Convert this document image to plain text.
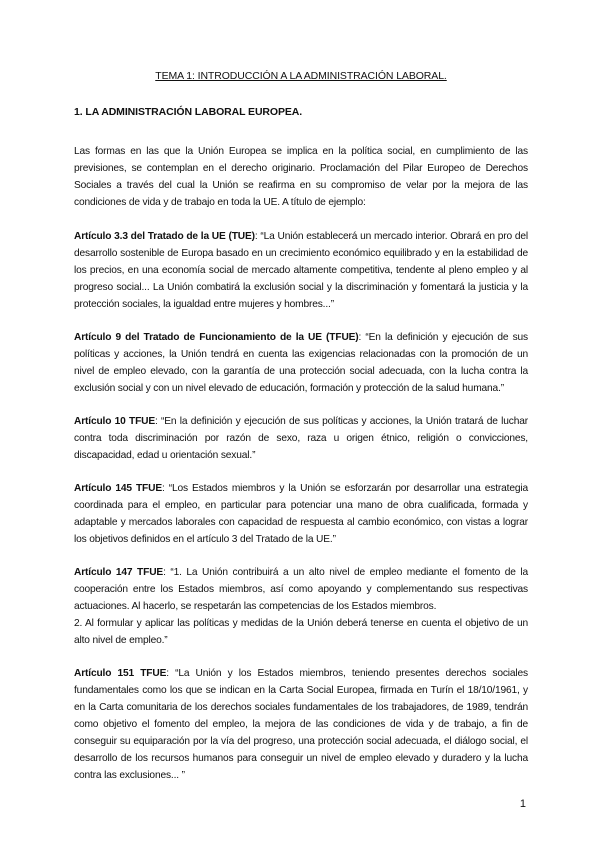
TEMA 1: INTRODUCCIÓN A LA ADMINISTRACIÓN LABORAL.
1. LA ADMINISTRACIÓN LABORAL EUROPEA.

Las formas en las que la Unión Europea se implica en la política social, en cumplimiento de las previsiones, se contemplan en el derecho originario. Proclamación del Pilar Europeo de Derechos Sociales a través del cual la Unión se reafirma en su compromiso de velar por la mejora de las condiciones de vida y de trabajo en toda la UE. A título de ejemplo:

Artículo 3.3 del Tratado de la UE (TUE): “La Unión establecerá un mercado interior. Obrará en pro del desarrollo sostenible de Europa basado en un crecimiento económico equilibrado y en la estabilidad de los precios, en una economía social de mercado altamente competitiva, tendente al pleno empleo y al progreso social... La Unión combatirá la exclusión social y la discriminación y fomentará la justicia y la protección sociales, la igualdad entre mujeres y hombres...”

Artículo 9 del Tratado de Funcionamiento de la UE (TFUE): “En la definición y ejecución de sus políticas y acciones, la Unión tendrá en cuenta las exigencias relacionadas con la promoción de un nivel de empleo elevado, con la garantía de una protección social adecuada, con la lucha contra la exclusión social y con un nivel elevado de educación, formación y protección de la salud humana.”

Artículo 10 TFUE: “En la definición y ejecución de sus políticas y acciones, la Unión tratará de luchar contra toda discriminación por razón de sexo, raza u origen étnico, religión o convicciones, discapacidad, edad u orientación sexual.”

Artículo 145 TFUE: “Los Estados miembros y la Unión se esforzarán por desarrollar una estrategia coordinada para el empleo, en particular para potenciar una mano de obra cualificada, formada y adaptable y mercados laborales con capacidad de respuesta al cambio económico, con vistas a lograr los objetivos definidos en el artículo 3 del Tratado de la UE.”

Artículo 147 TFUE: “1. La Unión contribuirá a un alto nivel de empleo mediante el fomento de la cooperación entre los Estados miembros, así como apoyando y complementando sus respectivas actuaciones. Al hacerlo, se respetarán las competencias de los Estados miembros.
2. Al formular y aplicar las políticas y medidas de la Unión deberá tenerse en cuenta el objetivo de un alto nivel de empleo.”

Artículo 151 TFUE: “La Unión y los Estados miembros, teniendo presentes derechos sociales fundamentales como los que se indican en la Carta Social Europea, firmada en Turín el 18/10/1961, y en la Carta comunitaria de los derechos sociales fundamentales de los trabajadores, de 1989, tendrán como objetivo el fomento del empleo, la mejora de las condiciones de vida y de trabajo, a fin de conseguir su equiparación por la vía del progreso, una protección social adecuada, el diálogo social, el desarrollo de los recursos humanos para conseguir un nivel de empleo elevado y duradero y la lucha contra las exclusiones... ”

1
